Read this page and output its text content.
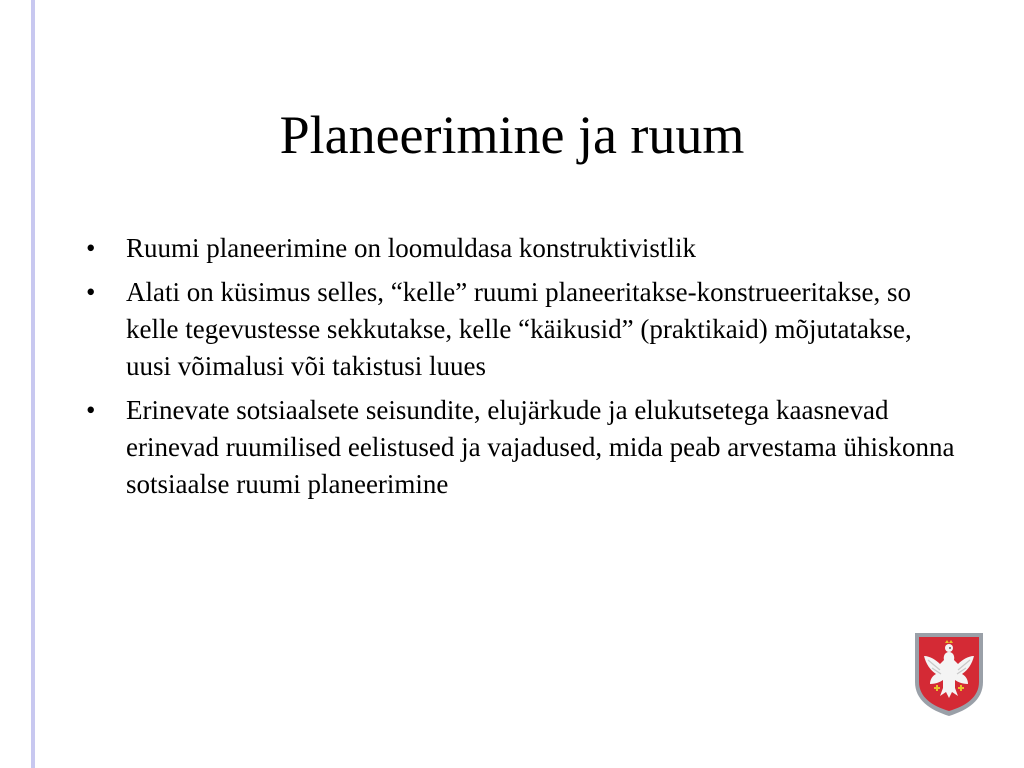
Planeerimine ja ruum
•	Ruumi planeerimine on loomuldasa konstruktivistlik
•	Alati on küsimus selles, “kelle” ruumi planeeritakse-konstrueeritakse, so kelle tegevustesse sekkutakse, kelle “käikusid” (praktikaid) mõjutatakse, uusi võimalusi või takistusi luues
•	Erinevate sotsiaalsete seisundite, elujärkude ja elukutsetega kaasnevad erinevad ruumilised eelistused ja vajadused, mida peab arvestama ühiskonna sotsiaalse ruumi planeerimine
